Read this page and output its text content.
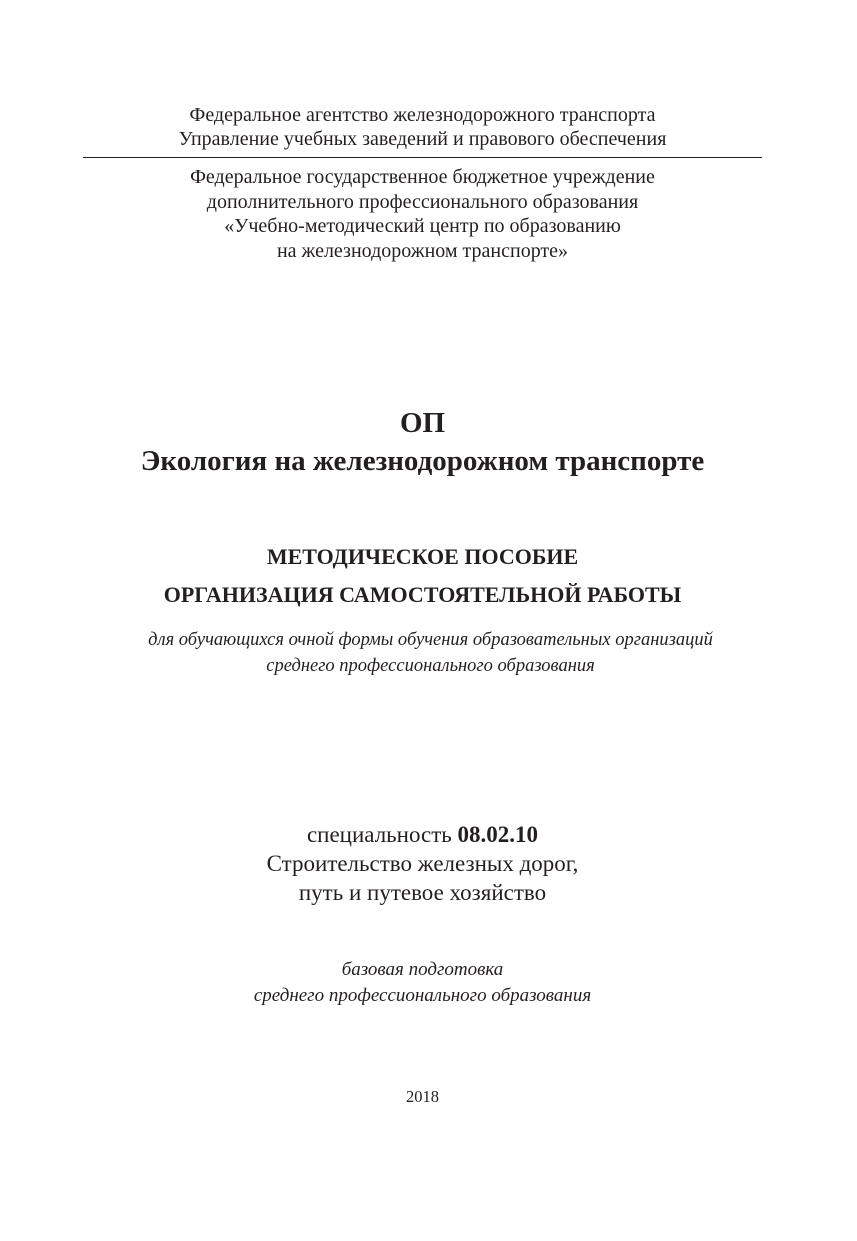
Федеральное агентство железнодорожного транспорта
Управление учебных заведений и правового обеспечения
Федеральное государственное бюджетное учреждение
дополнительного профессионального образования
«Учебно-методический центр по образованию
на железнодорожном транспорте»
ОП
Экология на железнодорожном транспорте
МЕТОДИЧЕСКОЕ ПОСОБИЕ
ОРГАНИЗАЦИЯ САМОСТОЯТЕЛЬНОЙ РАБОТЫ
для обучающихся очной формы обучения образовательных организаций
среднего профессионального образования
специальность 08.02.10
Строительство железных дорог,
путь и путевое хозяйство
базовая подготовка
среднего профессионального образования
2018
